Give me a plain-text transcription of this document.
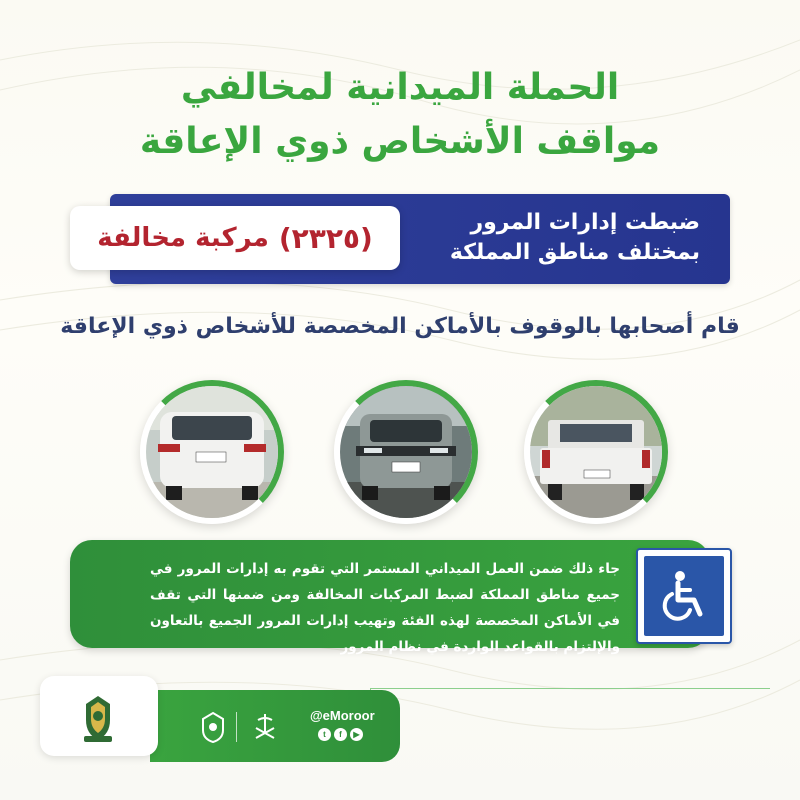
الحملة الميدانية لمخالفي
مواقف الأشخاص ذوي الإعاقة
ضبطت إدارات المرور
بمختلف مناطق المملكة
(٢٣٢٥)
مركبة مخالفة
قام أصحابها بالوقوف بالأماكن المخصصة للأشخاص ذوي الإعاقة
جاء ذلك ضمن العمل الميداني المستمر التي تقوم به إدارات المرور في جميع مناطق المملكة لضبط المركبات المخالفة ومن ضمنها التي تقف في الأماكن المخصصة لهذه الفئة وتهيب إدارات المرور الجميع بالتعاون والإلتزام بالقواعد الواردة في نظام المرور
@eMoroor
t	f	▶
